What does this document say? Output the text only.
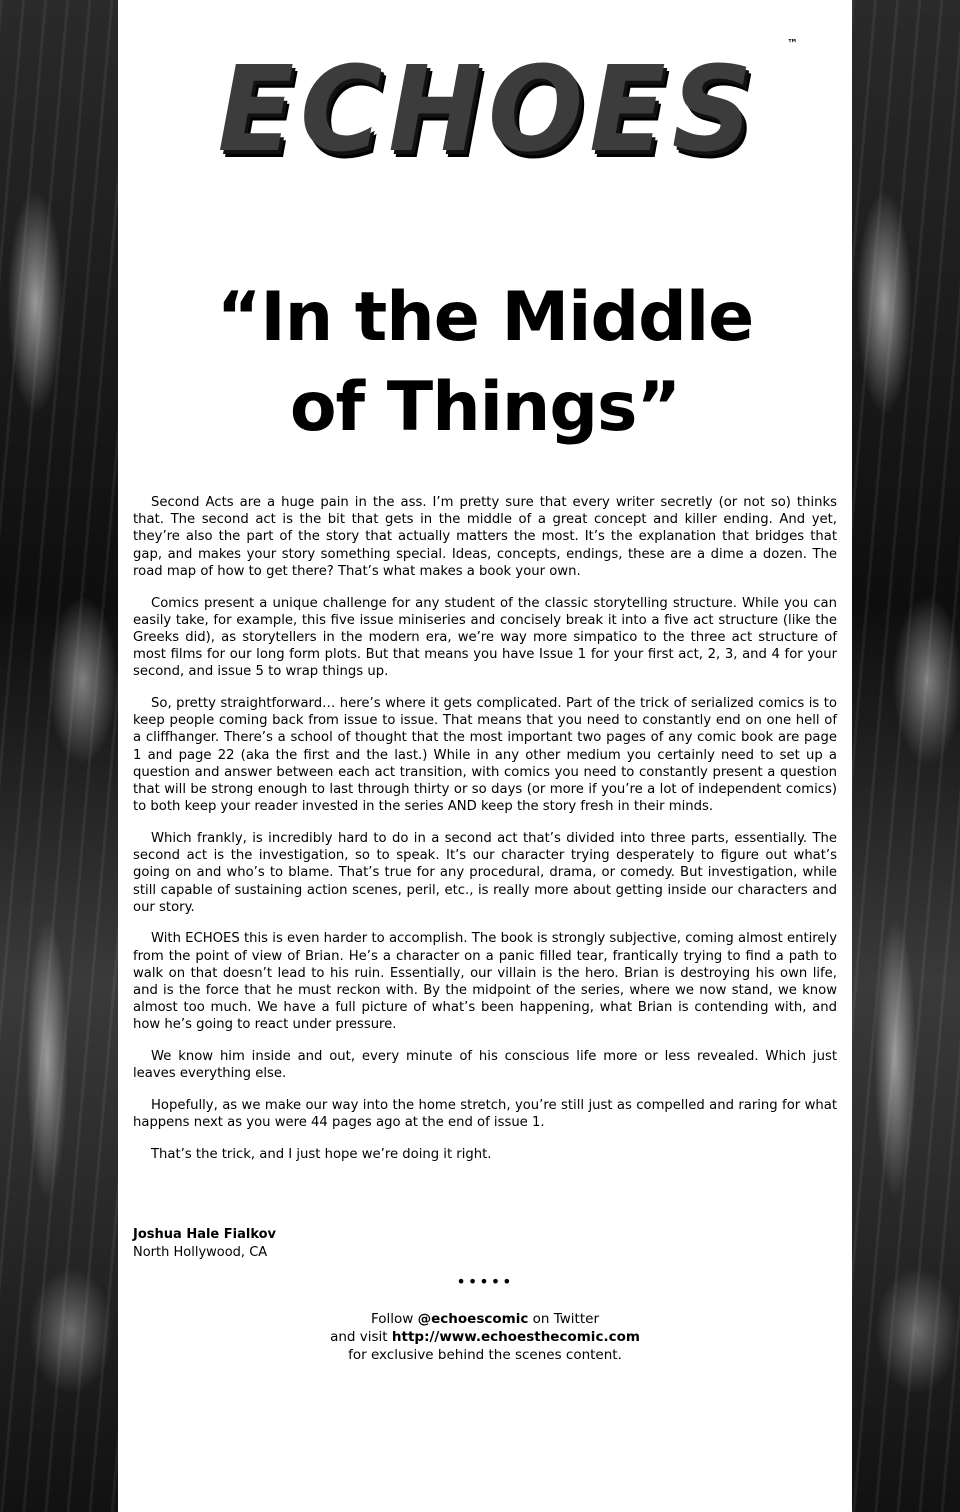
ECHOES	™
“In the Middle
of Things”

Second Acts are a huge pain in the ass. I’m pretty sure that every writer secretly (or not so) thinks that. The second act is the bit that gets in the middle of a great concept and killer ending. And yet, they’re also the part of the story that actually matters the most. It’s the explanation that bridges that gap, and makes your story something special. Ideas, concepts, endings, these are a dime a dozen. The road map of how to get there? That’s what makes a book your own.

Comics present a unique challenge for any student of the classic storytelling structure. While you can easily take, for example, this five issue miniseries and concisely break it into a five act structure (like the Greeks did), as storytellers in the modern era, we’re way more simpatico to the three act structure of most films for our long form plots. But that means you have Issue 1 for your first act, 2, 3, and 4 for your second, and issue 5 to wrap things up.

So, pretty straightforward… here’s where it gets complicated. Part of the trick of serialized comics is to keep people coming back from issue to issue. That means that you need to constantly end on one hell of a cliffhanger. There’s a school of thought that the most important two pages of any comic book are page 1 and page 22 (aka the first and the last.) While in any other medium you certainly need to set up a question and answer between each act transition, with comics you need to constantly present a question that will be strong enough to last through thirty or so days (or more if you’re a lot of independent comics) to both keep your reader invested in the series AND keep the story fresh in their minds.

Which frankly, is incredibly hard to do in a second act that’s divided into three parts, essentially. The second act is the investigation, so to speak. It’s our character trying desperately to figure out what’s going on and who’s to blame. That’s true for any procedural, drama, or comedy. But investigation, while still capable of sustaining action scenes, peril, etc., is really more about getting inside our characters and our story.

With ECHOES this is even harder to accomplish. The book is strongly subjective, coming almost entirely from the point of view of Brian. He’s a character on a panic filled tear, frantically trying to find a path to walk on that doesn’t lead to his ruin. Essentially, our villain is the hero. Brian is destroying his own life, and is the force that he must reckon with. By the midpoint of the series, where we now stand, we know almost too much. We have a full picture of what’s been happening, what Brian is contending with, and how he’s going to react under pressure.

We know him inside and out, every minute of his conscious life more or less revealed. Which just leaves everything else.

Hopefully, as we make our way into the home stretch, you’re still just as compelled and raring for what happens next as you were 44 pages ago at the end of issue 1.

That’s the trick, and I just hope we’re doing it right.

Joshua Hale Fialkov
North Hollywood, CA
•••••
Follow @echoescomic on Twitter
and visit http://www.echoesthecomic.com
for exclusive behind the scenes content.
